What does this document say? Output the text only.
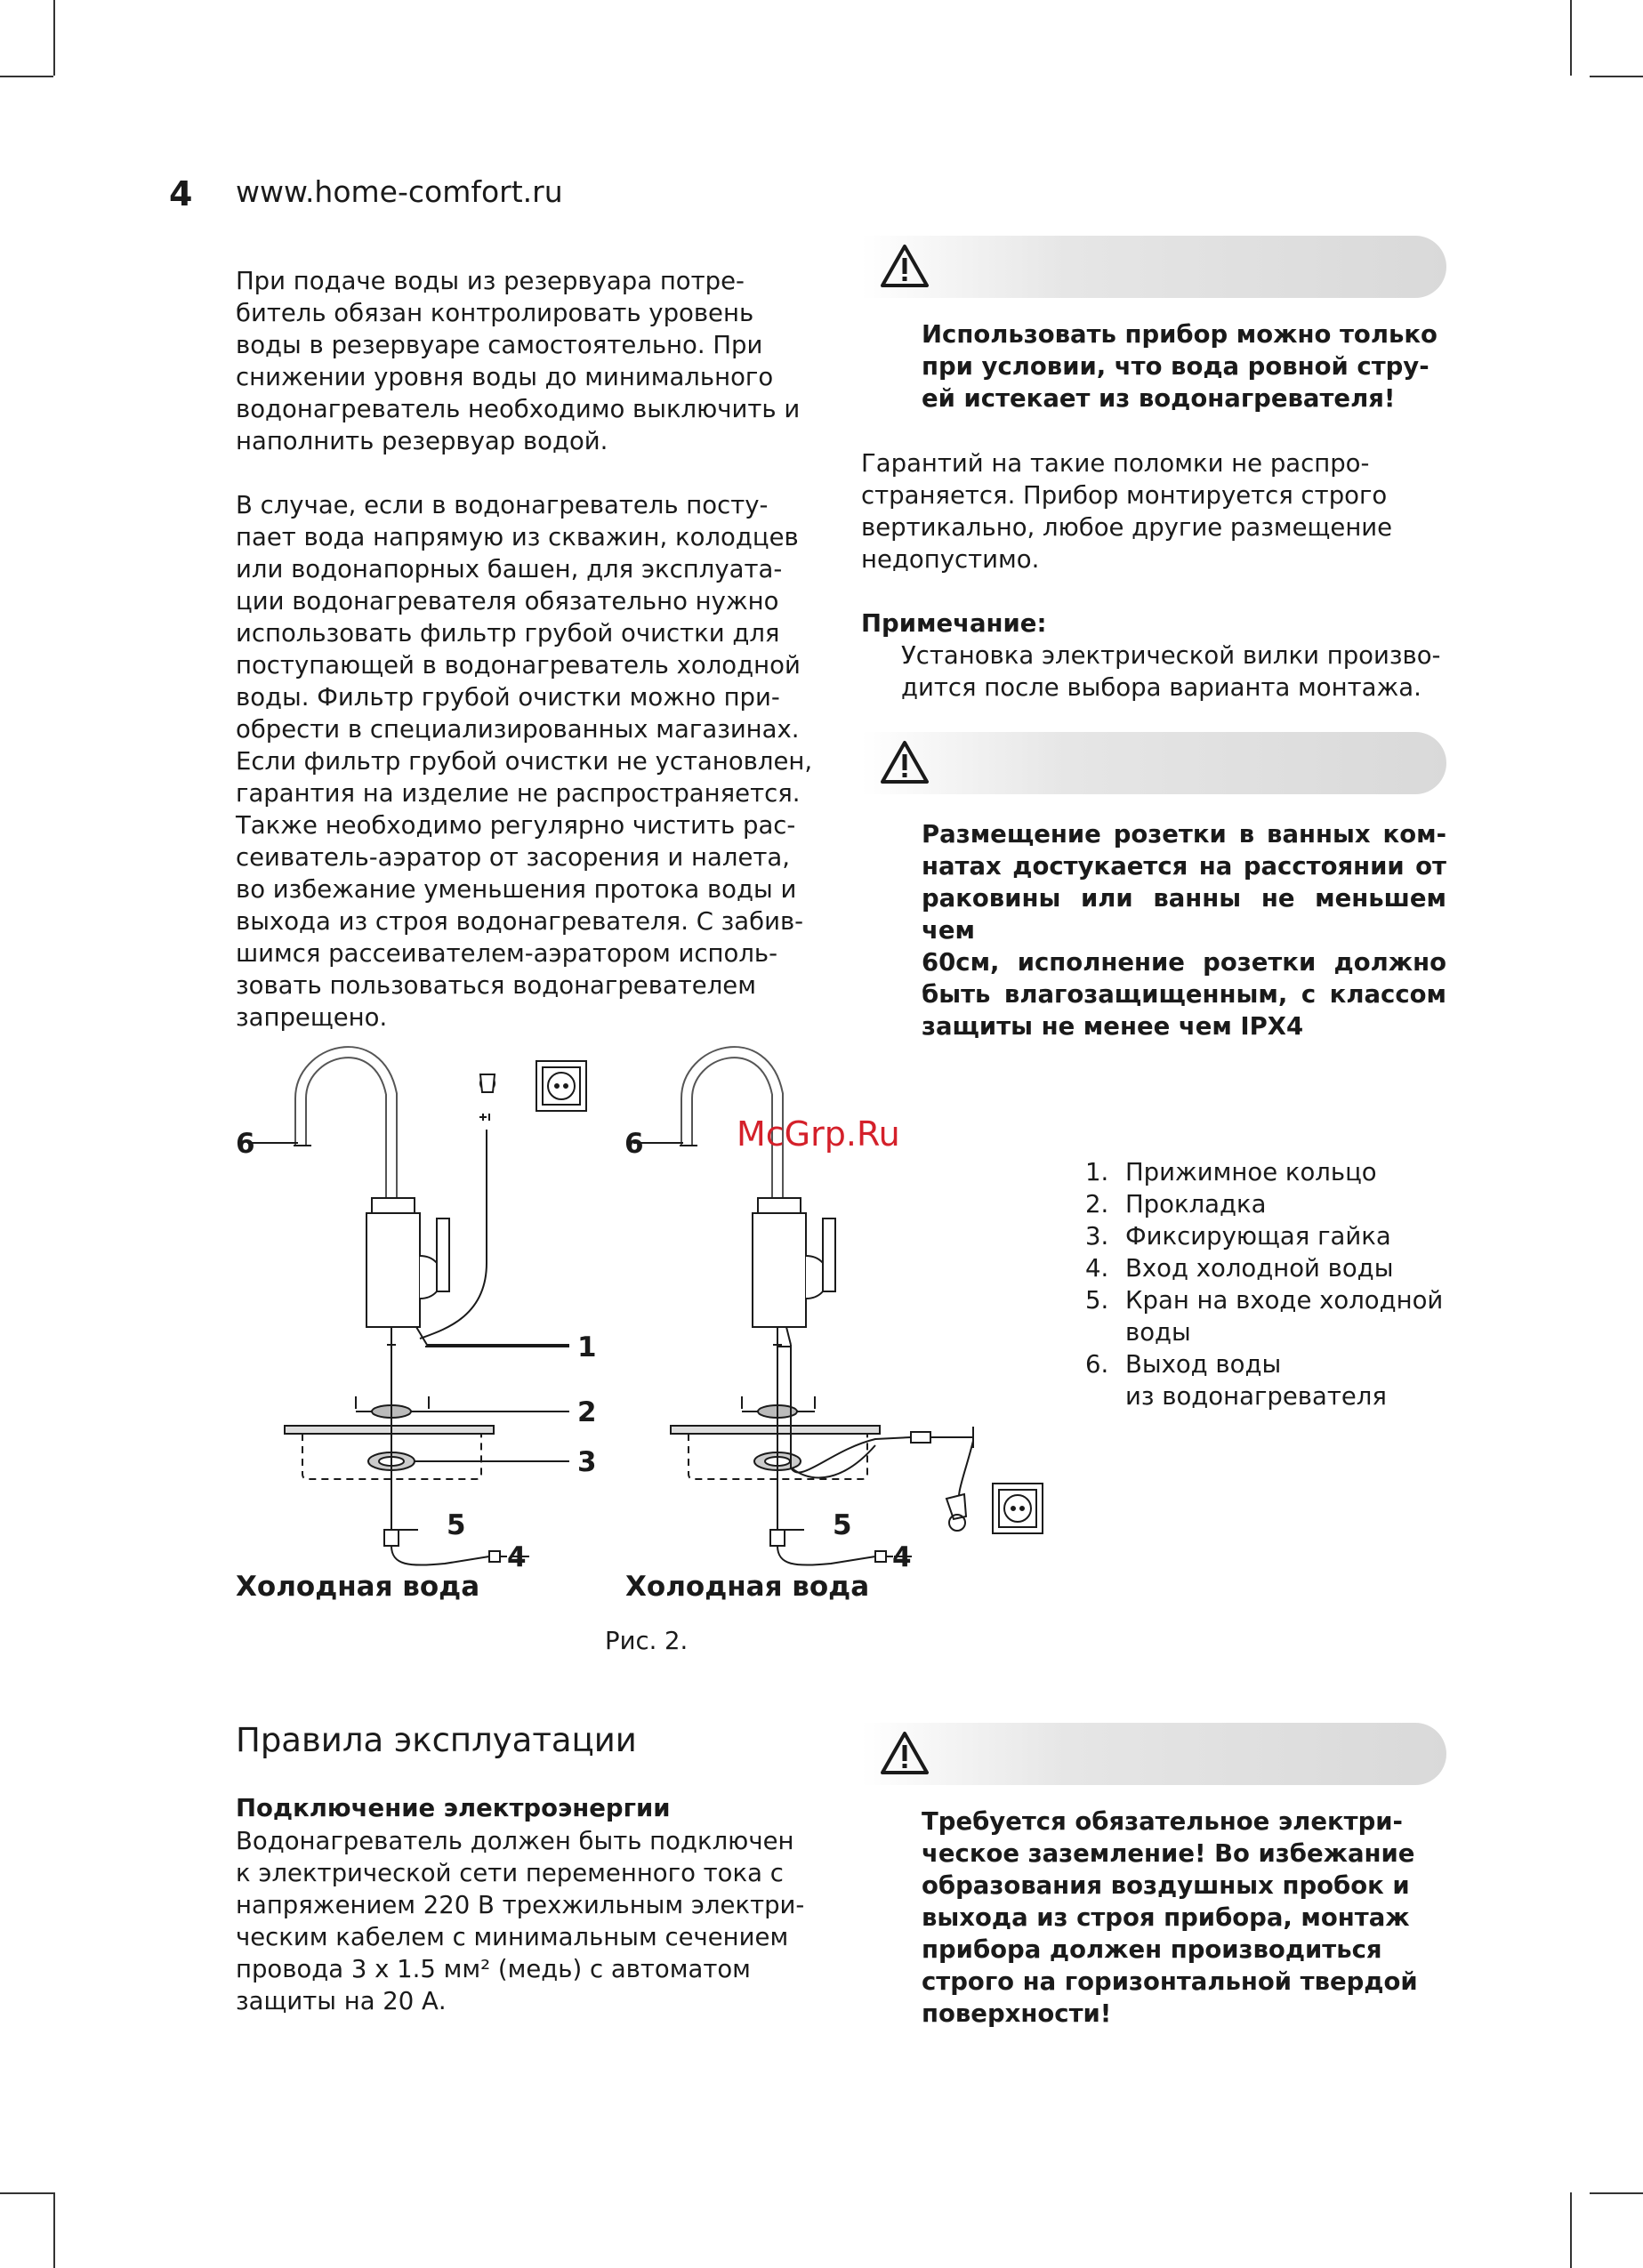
4 www.home-comfort.ru

При подаче воды из резервуара потре-
битель обязан контролировать уровень
воды в резервуаре самостоятельно. При
снижении уровня воды до минимального
водонагреватель необходимо выключить и
наполнить резервуар водой.

В случае, если в водонагреватель посту-
пает вода напрямую из скважин, колодцев
или водонапорных башен, для эксплуата-
ции водонагревателя обязательно нужно
использовать фильтр грубой очистки для
поступающей в водонагреватель холодной
воды. Фильтр грубой очистки можно при-
обрести в специализированных магазинах.
Если фильтр грубой очистки не установлен,
гарантия на изделие не распространяется.
Также необходимо регулярно чистить рас-
сеиватель-аэратор от засорения и налета,
во избежание уменьшения протока воды и
выхода из строя водонагревателя. С забив-
шимся рассеивателем-аэратором исполь-
зовать пользоваться водонагревателем
запрещено.

Использовать прибор можно только
при условии, что вода ровной стру-
ей истекает из водонагревателя!
Гарантий на такие поломки не распро-
страняется. Прибор монтируется строго
вертикально, любое другие размещение
недопустимо.
Примечание:
Установка электрической вилки произво-
дится после выбора варианта монтажа.
Размещение розетки в ванных ком-
натах достукается на расстоянии от
раковины или ванны не меньшем чем
60см, исполнение розетки должно
быть влагозащищенным, с классом
защиты не менее чем IPX4
6	6
1
2
3
5	5
4	4
McGrp.Ru
1. Прижимное кольцо
2. Прокладка
3. Фиксирующая гайка
4. Вход холодной воды
5. Кран на входе холодной
воды
6. Выход воды
из водонагревателя
Холодная вода	Холодная вода
Рис. 2.
Правила эксплуатации
Подключение электроэнергии
Водонагреватель должен быть подключен
к электрической сети переменного тока с
напряжением 220 В трехжильным электри-
ческим кабелем с минимальным сечением
провода 3 x 1.5 мм² (медь) с автоматом
защиты на 20 А.
Требуется обязательное электри-
ческое заземление! Во избежание
образования воздушных пробок и
выхода из строя прибора, монтаж
прибора должен производиться
строго на горизонтальной твердой
поверхности!
